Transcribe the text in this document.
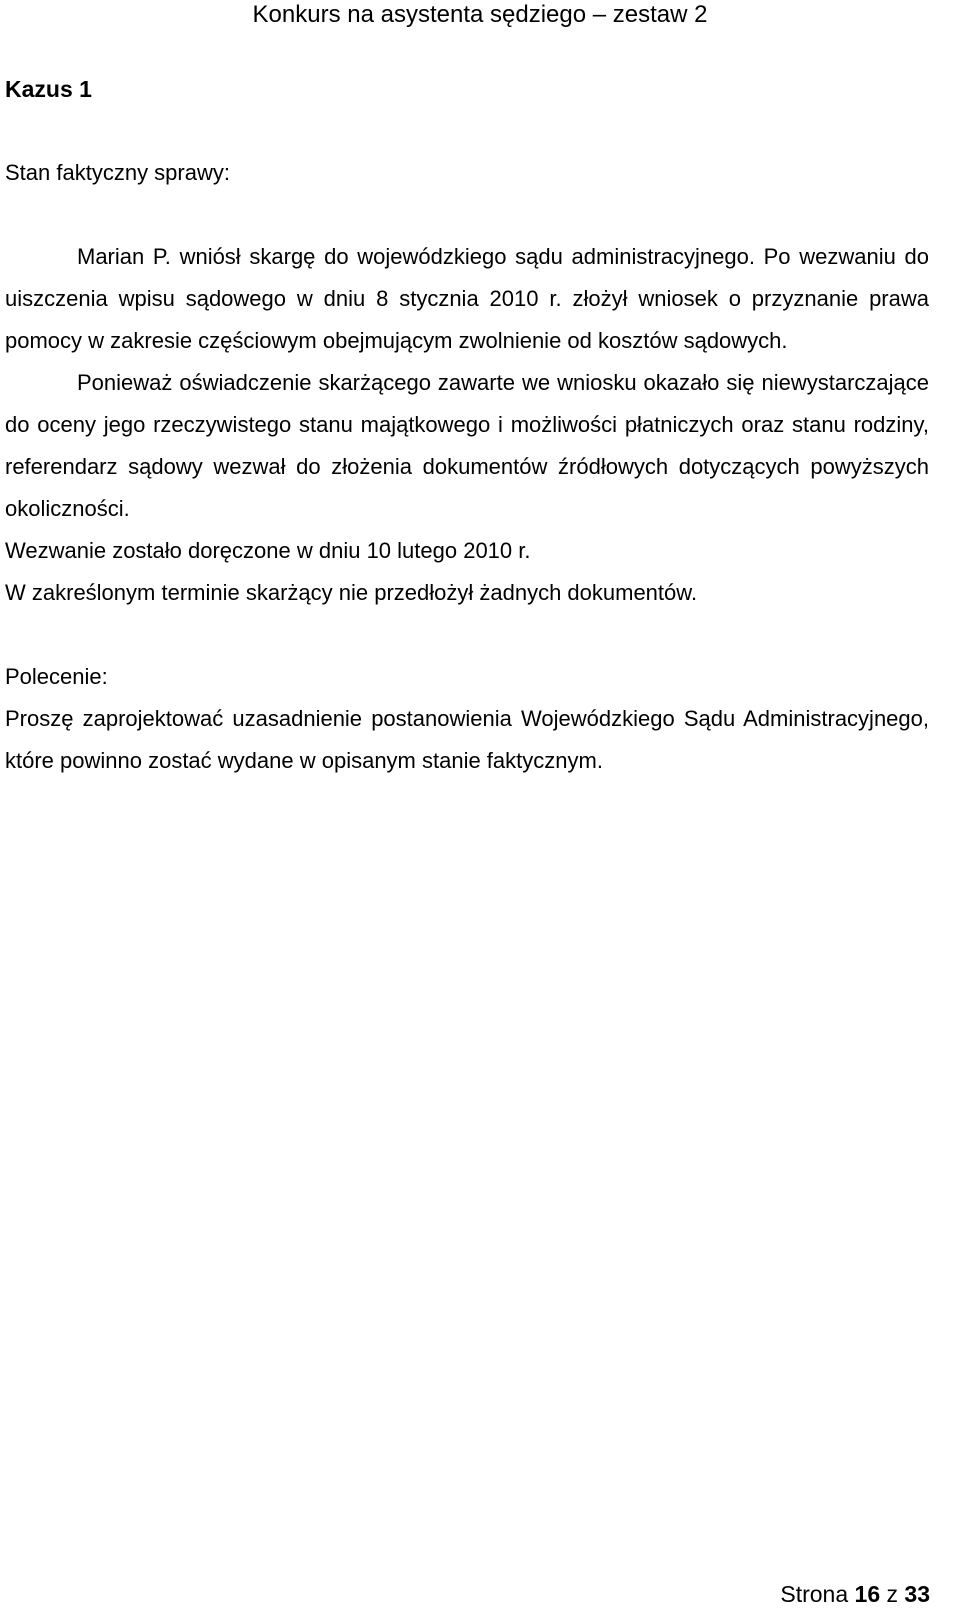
Konkurs na asystenta sędziego – zestaw 2

Kazus 1

Stan faktyczny sprawy:

Marian P. wniósł skargę do wojewódzkiego sądu administracyjnego. Po wezwaniu do uiszczenia wpisu sądowego w dniu 8 stycznia 2010 r. złożył wniosek o przyznanie prawa pomocy w zakresie częściowym obejmującym zwolnienie od kosztów sądowych.

Ponieważ oświadczenie skarżącego zawarte we wniosku okazało się niewystarczające do oceny jego rzeczywistego stanu majątkowego i możliwości płatniczych oraz stanu rodziny, referendarz sądowy wezwał do złożenia dokumentów źródłowych dotyczących powyższych okoliczności.

Wezwanie zostało doręczone w dniu 10 lutego 2010 r.

W zakreślonym terminie skarżący nie przedłożył żadnych dokumentów.

Polecenie:

Proszę zaprojektować uzasadnienie postanowienia Wojewódzkiego Sądu Administracyjnego, które powinno zostać wydane w opisanym stanie faktycznym.

Strona 16 z 33
